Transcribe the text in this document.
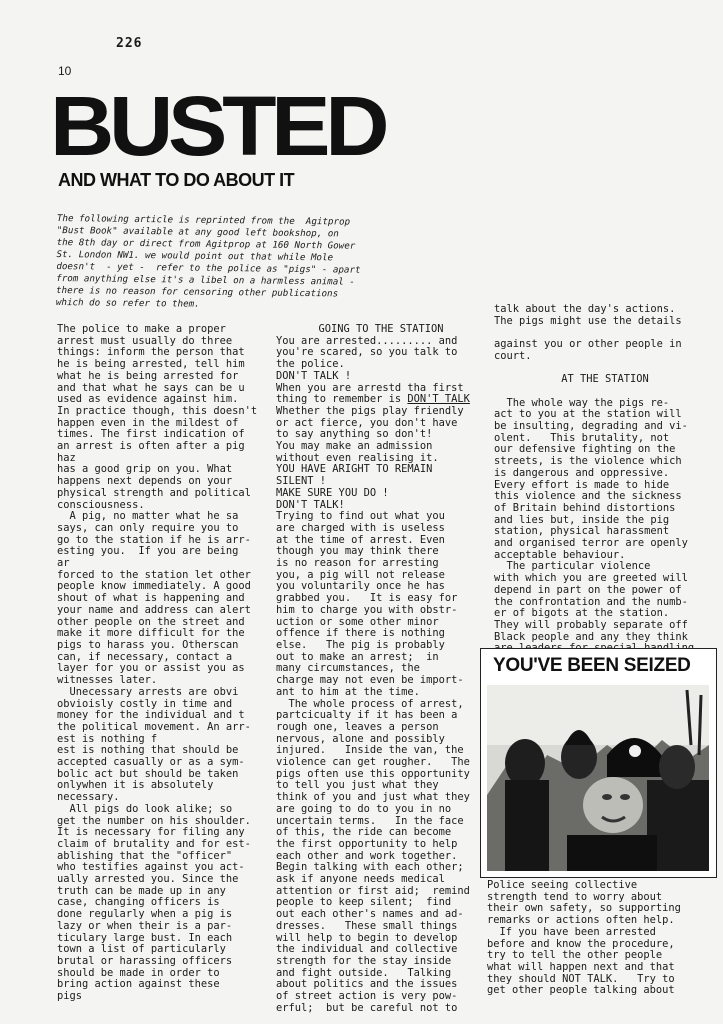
226
10
BUSTED
AND WHAT TO DO ABOUT IT
The following article is reprinted from the  Agitprop
"Bust Book" available at any good left bookshop, on
the 8th day or direct from Agitprop at 160 North Gower
St. London NW1. we would point out that while Mole
doesn't  - yet -  refer to the police as "pigs" - apart
from anything else it's a libel on a harmless animal -
there is no reason for censoring other publications
which do so refer to them.
The police to make a proper
arrest must usually do three
things: inform the person that
he is being arrested, tell him
what he is being arrested for
and that what he says can be u
used as evidence against him.
In practice though, this doesn't
happen even in the mildest of
times. The first indication of
an arrest is often after a pig
haz
has a good grip on you. What
happens next depends on your
physical strength and political
consciousness.
A pig, no matter what he sa
says, can only require you to
go to the station if he is arr-
esting you.  If you are being
ar
forced to the station let other
people know immediately. A good
shout of what is happening and
your name and address can alert
other people on the street and
make it more difficult for the
pigs to harass you. Otherscan
can, if necessary, contact a
layer for you or assist you as
witnesses later.
Unecessary arrests are obvi
obvioisly costly in time and
money for the individual and t
the political movement. An arr-
est is nothing f
est is nothing that should be
accepted casually or as a sym-
bolic act but should be taken
onlywhen it is absolutely
necessary.
All pigs do look alike; so
get the number on his shoulder.
It is necessary for filing any
claim of brutality and for est-
ablishing that the "officer"
who testifies against you act-
ually arrested you. Since the
truth can be made up in any
case, changing officers is
done regularly when a pig is
lazy or when their is a par-
ticulary large bust. In each
town a list of particularly
brutal or harassing officers
should be made in order to
bring action against these
pigs
GOING TO THE STATION
You are arrested......... and
you're scared, so you talk to
the police.
DON'T TALK !
When you are arrestd tha first
thing to remember is DON'T TALK
Whether the pigs play friendly
or act fierce, you don't have
to say anything so don't!
You may make an admission
without even realising it.
YOU HAVE ARIGHT TO REMAIN
SILENT !
MAKE SURE YOU DO !
DON'T TALK!
Trying to find out what you
are charged with is useless
at the time of arrest. Even
though you may think there
is no reason for arresting
you, a pig will not release
you voluntarily once he has
grabbed you.   It is easy for
him to charge you with obstr-
uction or some other minor
offence if there is nothing
else.   The pig is probably
out to make an arrest;  in
many circumstances, the
charge may not even be import-
ant to him at the time.
The whole process of arrest,
partcicualty if it has been a
rough one, leaves a person
nervous, alone and possibly
injured.   Inside the van, the
violence can get rougher.   The
pigs often use this opportunity
to tell you just what they
think of you and just what they
are going to do to you in no
uncertain terms.   In the face
of this, the ride can become
the first opportunity to help
each other and work together.
Begin talking with each other;
ask if anyone needs medical
attention or first aid;  remind
people to keep silent;  find
out each other's names and ad-
dresses.   These small things
will help to begin to develop
the individual and collective
strength for the stay inside
and fight outside.   Talking
about politics and the issues
of street action is very pow-
erful;  but be careful not to
talk about the day's actions.
The pigs might use the details
against you or other people in
court.
AT THE STATION
The whole way the pigs re-
act to you at the station will
be insulting, degrading and vi-
olent.   This brutality, not
our defensive fighting on the
streets, is the violence which
is dangerous and oppressive.
Every effort is made to hide
this violence and the sickness
of Britain behind distortions
and lies but, inside the pig
station, physical harassment
and organised terror are openly
acceptable behaviour.
The particular violence
with which you are greeted will
depend in part on the power of
the confrontation and the numb-
er of bigots at the station.
They will probably separate off
Black people and any they think
YOU'VE BEEN SEIZED
Police seeing collective
strength tend to worry about
their own safety, so supporting
remarks or actions often help.
If you have been arrested
before and know the procedure,
try to tell the other people
what will happen next and that
they should NOT TALK.   Try to
get other people talking about
